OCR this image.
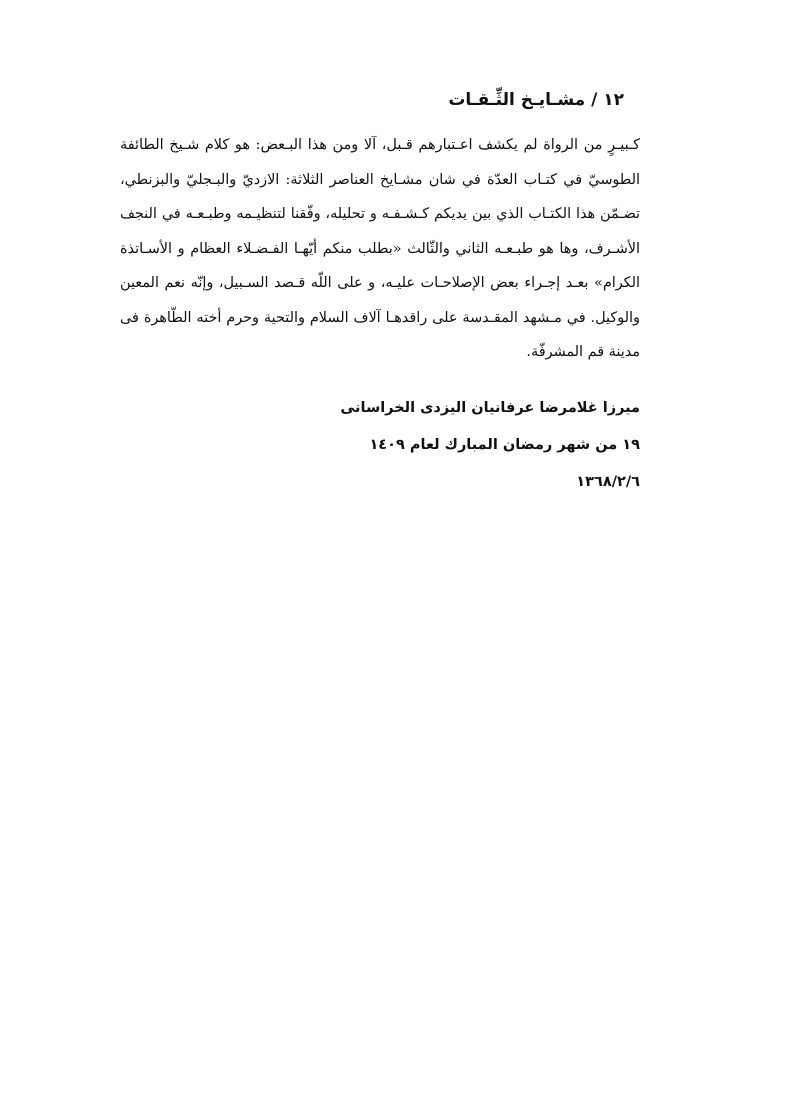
١٢ / مشـايـخ الثِّـقـات
كـبيـرٍ من الرواة لم يكشف اعـتبارهم قـبل، آلا ومن هذا البـعض: هو كلام شـيخ الطائفة
الطوسيّ في كتـاب العدّة في شان مشـايخ العناصر الثلاثة: الازديّ والبـجليّ والبزنطي،
تضـمّن هذا الكتـاب الذي بين يديكم كـشـفـه و تحليله، وفّقنا لتنظيـمه وطبـعـه في النجف
الأشـرف، وها هو طبـعـه الثاني والثّالث «بطلب منكم أيّهـا الفـضـلاء العظام و الأسـاتذة
الكرام» بعـد إجـراء بعض الإصلاحـات عليـه، و على اللّه قـصد السـبيل، وإنّه نعم المعين
والوكيل. في مـشهد المقـدسة على راقدهـا آلاف السلام والتحية وحرم أخته الطّاهرة فى
مدينة قم المشرفّة.
ميرزا غلامرضا عرفانيان اليزدى الخراسانى
١٩ من شهر رمضان المبارك لعام ١٤٠٩
١٣٦٨/٢/٦
